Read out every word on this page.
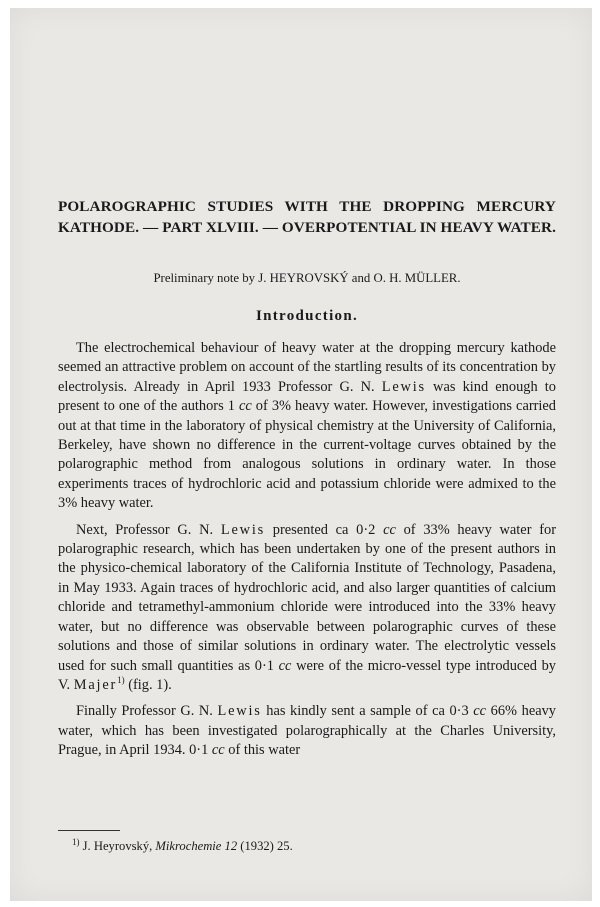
POLAROGRAPHIC STUDIES WITH THE DROPPING MERCURY KATHODE. — PART XLVIII. — OVERPOTENTIAL IN HEAVY WATER.

Preliminary note by J. HEYROVSKÝ and O. H. MÜLLER.

Introduction.

The electrochemical behaviour of heavy water at the dropping mercury kathode seemed an attractive problem on account of the startling results of its concentration by electrolysis. Already in April 1933 Professor G. N. Lewis was kind enough to present to one of the authors 1 cc of 3% heavy water. However, investigations carried out at that time in the laboratory of physical chemistry at the University of California, Berkeley, have shown no difference in the current-voltage curves obtained by the polarographic method from analogous solutions in ordinary water. In those experiments traces of hydrochloric acid and potassium chloride were admixed to the 3% heavy water.

Next, Professor G. N. Lewis presented ca 0·2 cc of 33% heavy water for polarographic research, which has been undertaken by one of the present authors in the physico-chemical laboratory of the California Institute of Technology, Pasadena, in May 1933. Again traces of hydrochloric acid, and also larger quantities of calcium chloride and tetramethyl-ammonium chloride were introduced into the 33% heavy water, but no difference was observable between polarographic curves of these solutions and those of similar solutions in ordinary water. The electrolytic vessels used for such small quantities as 0·1 cc were of the micro-vessel type introduced by V. Majer$^{1)}$ (fig. 1).

Finally Professor G. N. Lewis has kindly sent a sample of ca 0·3 cc 66% heavy water, which has been investigated polarographically at the Charles University, Prague, in April 1934. 0·1 cc of this water

$^{1)}$ J. Heyrovský, Mikrochemie 12 (1932) 25.
